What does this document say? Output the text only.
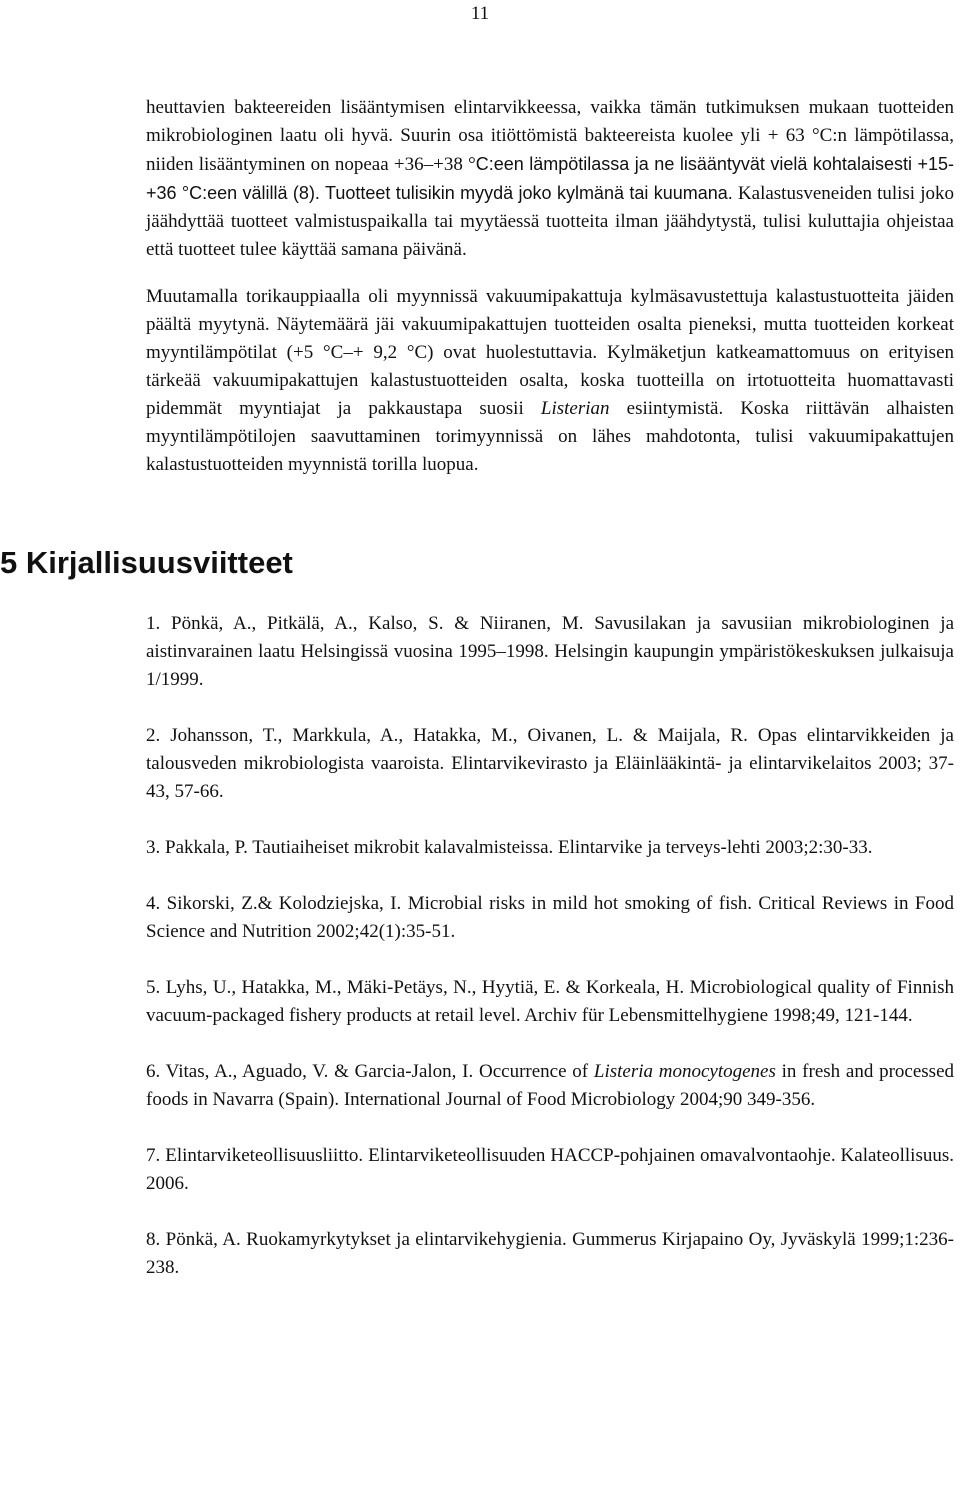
11

heuttavien bakteereiden lisääntymisen elintarvikkeessa, vaikka tämän tutkimuksen mukaan tuotteiden mikrobiologinen laatu oli hyvä. Suurin osa itiöttömistä bakteereista kuolee yli + 63 °C:n lämpötilassa, niiden lisääntyminen on nopeaa +36–+38 °C:een lämpötilassa ja ne lisääntyvät vielä kohtalaisesti +15-+36 °C:een välillä (8). Tuotteet tulisikin myydä joko kylmänä tai kuumana. Kalastusveneiden tulisi joko jäähdyttää tuotteet valmistuspaikalla tai myytäessä tuotteita ilman jäähdytystä, tulisi kuluttajia ohjeistaa että tuotteet tulee käyttää samana päivänä.

Muutamalla torikauppiaalla oli myynnissä vakuumipakattuja kylmäsavustettuja kalastustuotteita jäiden päältä myytynä. Näytemäärä jäi vakuumipakattujen tuotteiden osalta pieneksi, mutta tuotteiden korkeat myyntilämpötilat (+5 °C–+ 9,2 °C) ovat huolestuttavia. Kylmäketjun katkeamattomuus on erityisen tärkeää vakuumipakattujen kalastustuotteiden osalta, koska tuotteilla on irtotuotteita huomattavasti pidemmät myyntiajat ja pakkaustapa suosii Listerian esiintymistä. Koska riittävän alhaisten myyntilämpötilojen saavuttaminen torimyynnissä on lähes mahdotonta, tulisi vakuumipakattujen kalastustuotteiden myynnistä torilla luopua.

5 Kirjallisuusviitteet

1. Pönkä, A., Pitkälä, A., Kalso, S. & Niiranen, M. Savusilakan ja savusiian mikrobiologinen ja aistinvarainen laatu Helsingissä vuosina 1995–1998. Helsingin kaupungin ympäristökeskuksen julkaisuja 1/1999.

2. Johansson, T., Markkula, A., Hatakka, M., Oivanen, L. & Maijala, R. Opas elintarvikkeiden ja talousveden mikrobiologista vaaroista. Elintarvikevirasto ja Eläinlääkintä- ja elintarvikelaitos 2003; 37-43, 57-66.

3. Pakkala, P. Tautiaiheiset mikrobit kalavalmisteissa. Elintarvike ja terveys-lehti 2003;2:30-33.

4. Sikorski, Z.& Kolodziejska, I. Microbial risks in mild hot smoking of fish. Critical Reviews in Food Science and Nutrition 2002;42(1):35-51.

5. Lyhs, U., Hatakka, M., Mäki-Petäys, N., Hyytiä, E. & Korkeala, H. Microbiological quality of Finnish vacuum-packaged fishery products at retail level. Archiv für Lebensmittelhygiene 1998;49, 121-144.

6. Vitas, A., Aguado, V. & Garcia-Jalon, I. Occurrence of Listeria monocytogenes in fresh and processed foods in Navarra (Spain). International Journal of Food Microbiology 2004;90 349-356.

7. Elintarviketeollisuusliitto. Elintarviketeollisuuden HACCP-pohjainen omavalvontaohje. Kalateollisuus. 2006.

8. Pönkä, A. Ruokamyrkytykset ja elintarvikehygienia. Gummerus Kirjapaino Oy, Jyväskylä 1999;1:236-238.
